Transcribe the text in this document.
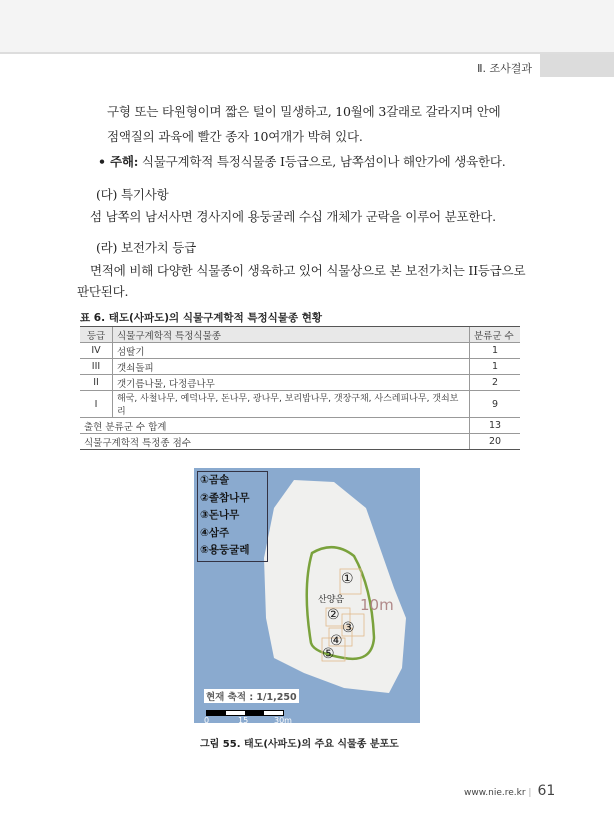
Ⅱ. 조사결과
구형 또는 타원형이며 짧은 털이 밀생하고, 10월에 3갈래로 갈라지며 안에
점액질의 과육에 빨간 종자 10여개가 박혀 있다.
• 주해: 식물구계학적 특정식물종 I등급으로, 남쪽섬이나 해안가에 생육한다.
(다) 특기사항
섬 남쪽의 남서사면 경사지에 용둥굴레 수십 개체가 군락을 이루어 분포한다.
(라) 보전가치 등급
면적에 비해 다양한 식물종이 생육하고 있어 식물상으로 본 보전가치는 II등급으로
판단된다.
표 6. 태도(사파도)의 식물구계학적 특정식물종 현황
등급	식물구계학적 특정식물종	분류군 수
IV	섬딸기	1
III	갯쇠돌피	1
II	갯기름나물, 다정큼나무	2
I	해국, 사철나무, 예덕나무, 돈나무, 광나무, 보리밥나무, 갯장구채, 사스레피나무, 갯쇠보리	9
출현 분류군 수 합계		13
식물구계학적 특정종 점수		20
①곰솔
②졸참나무
③돈나무
④삼주
⑤용둥굴레
①
산양음 10m
②
③
④
⑤
현재 축적 : 1/1,250
0	15	30m
그림 55. 태도(사파도)의 주요 식물종 분포도
www.nie.re.kr | 61
